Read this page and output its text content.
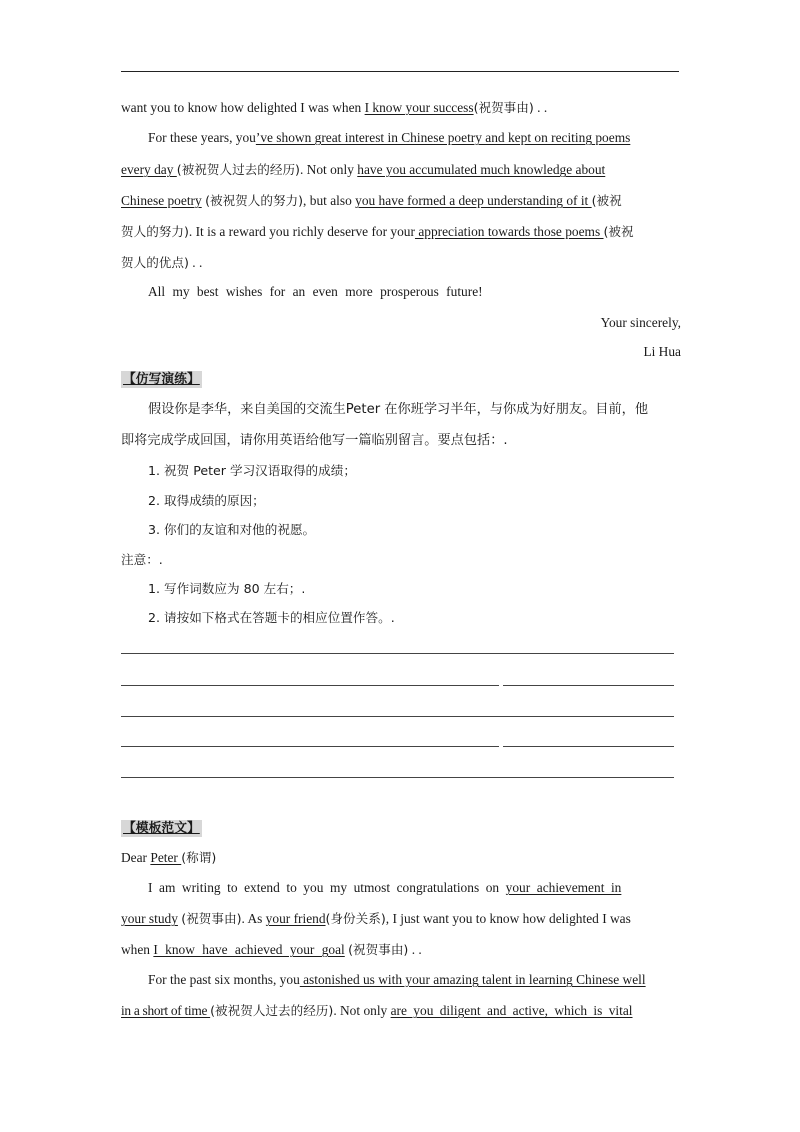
want you to know how delighted I was when I know your success(祝贺事由) . .
For these years, you’ve shown great interest in Chinese poetry and kept on reciting poems
every day (被祝贺人过去的经历). Not only have you accumulated much knowledge about
Chinese poetry (被祝贺人的努力), but also you have formed a deep understanding of it (被祝
贺人的努力). It is a reward you richly deserve for your appreciation towards those poems (被祝
贺人的优点) . .
All my best wishes for an even more prosperous future!
Your sincerely,
Li Hua
【仿写演练】
假设你是李华，来自美国的交流生Peter 在你班学习半年，与你成为好朋友。目前，他
即将完成学成回国，请你用英语给他写一篇临别留言。要点包括：.
1. 祝贺 Peter 学习汉语取得的成绩；
2. 取得成绩的原因；
3. 你们的友谊和对他的祝愿。
注意：.
1. 写作词数应为 80 左右；.
2. 请按如下格式在答题卡的相应位置作答。.
【模板范文】
Dear Peter (称谓)
I am writing to extend to you my utmost congratulations on your achievement in
your study (祝贺事由). As your friend(身份关系), I just want you to know how delighted I was
when I know have achieved your goal (祝贺事由) . .
For the past six months, you astonished us with your amazing talent in learning Chinese well
in a short of time (被祝贺人过去的经历). Not only are you diligent and active, which is vital
